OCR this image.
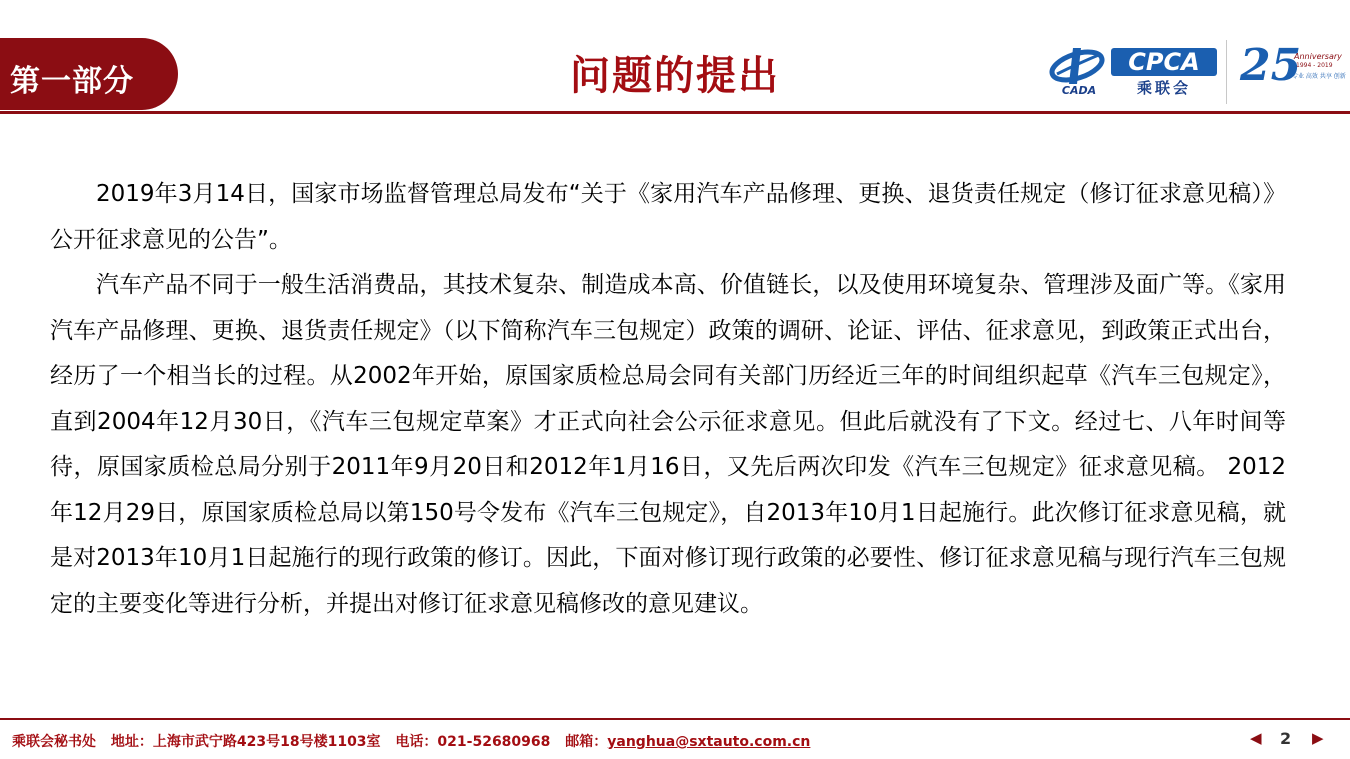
第一部分	问题的提出	CADA
CPCA
乘联会	25
Anniversary
1994 - 2019
专业 高效 共享 创新

2019年3月14日，国家市场监督管理总局发布“关于《家用汽车产品修理、更换、退货责任规定（修订征求意见稿）》公开征求意见的公告”。

汽车产品不同于一般生活消费品，其技术复杂、制造成本高、价值链长，以及使用环境复杂、管理涉及面广等。《家用汽车产品修理、更换、退货责任规定》（以下简称汽车三包规定）政策的调研、论证、评估、征求意见，到政策正式出台，经历了一个相当长的过程。从2002年开始，原国家质检总局会同有关部门历经近三年的时间组织起草《汽车三包规定》，直到2004年12月30日，《汽车三包规定草案》才正式向社会公示征求意见。但此后就没有了下文。经过七、八年时间等待，原国家质检总局分别于2011年9月20日和2012年1月16日，又先后两次印发《汽车三包规定》征求意见稿。 2012年12月29日，原国家质检总局以第150号令发布《汽车三包规定》，自2013年10月1日起施行。此次修订征求意见稿，就是对2013年10月1日起施行的现行政策的修订。因此，下面对修订现行政策的必要性、修订征求意见稿与现行汽车三包规定的主要变化等进行分析，并提出对修订征求意见稿修改的意见建议。

乘联会秘书处 地址：上海市武宁路423号18号楼1103室 电话：021-52680968 邮箱：yanghua@sxtauto.com.cn	◀ 2 ▶
